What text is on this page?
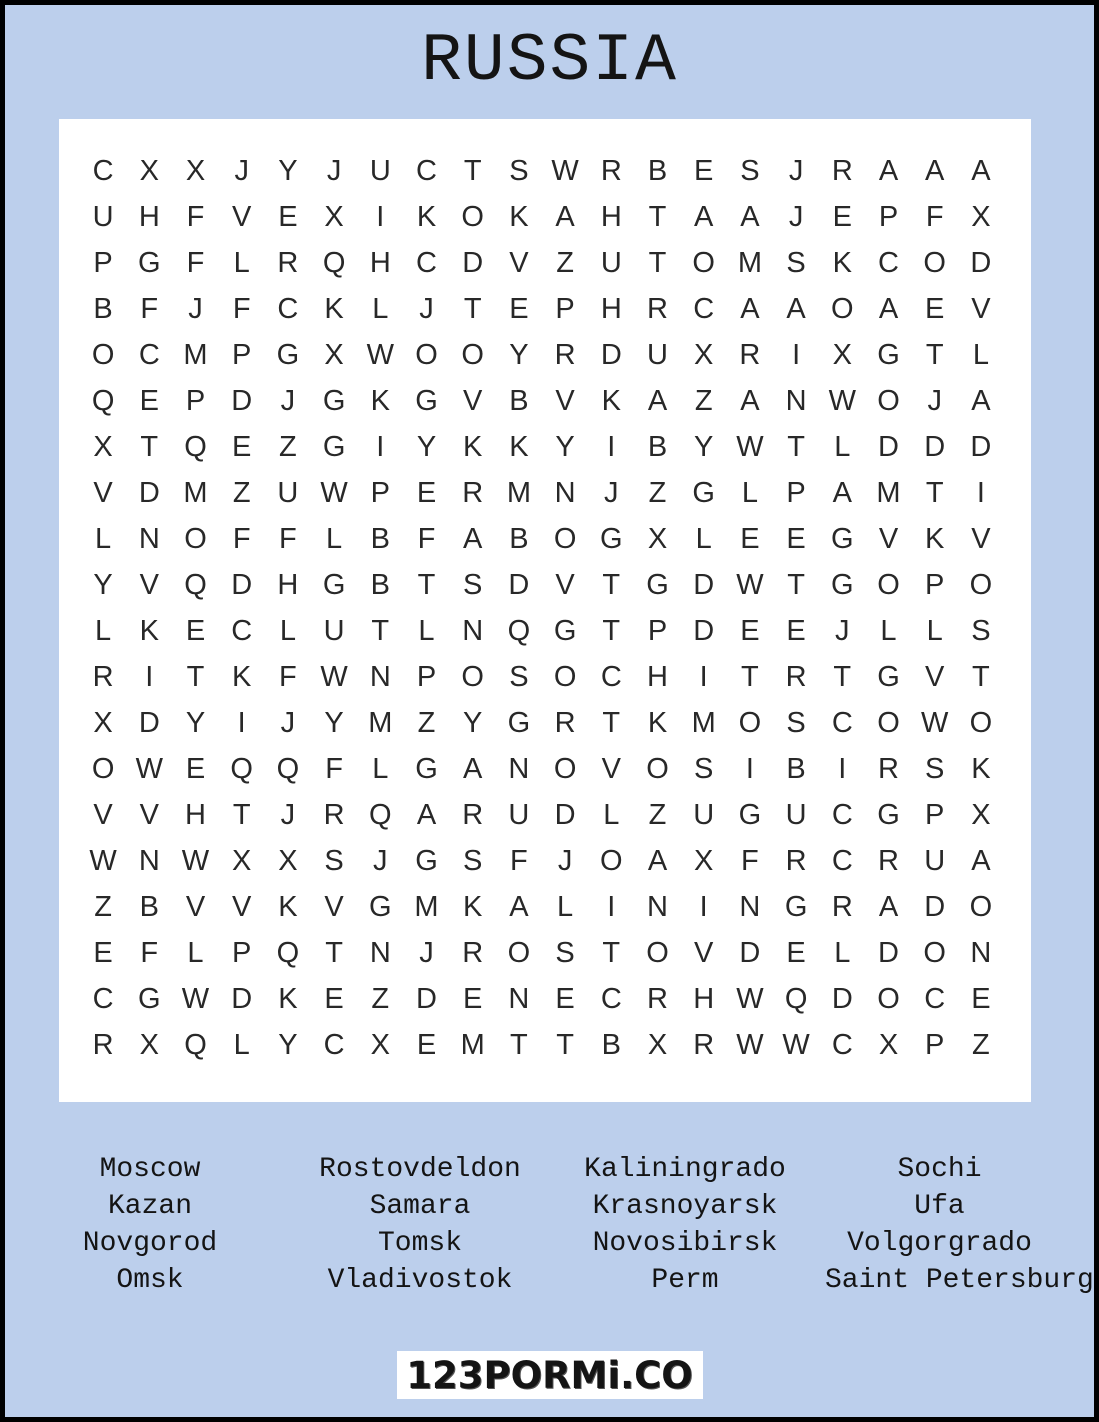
RUSSIA
C X X	J	Y	J U C T S W R B E S	J R A A A
U H F V E X	I	K O K A H T A A	J	E P F X
P G F	L R Q H C D V Z U T O M S K C O D
B F	J	F C K L	J	T E P H R C A A O A E V
O C M P G X W O O Y R D U X R	I	X G T	L
Q E P D J G K G V B V K A Z A N W O J	A
X T Q E Z G	I	Y K K Y	I	B Y W T	L D D D
V D M Z U W P E R M N J	Z G L P A M T	I
L N O F F	L B F A B O G X L E E G V K V
Y V Q D H G B T S D V T G D W T G O P O
L K E C L U T	L N Q G T P D E E	J	L	L S
R	I	T K F W N P O S O C H	I	T R T G V T
X D Y	I	J	Y M Z Y G R T K M O S C O W O
O W E Q Q F	L G A N O V O S	I	B	I	R S K
V V H T	J R Q A R U D L	Z U G U C G P X
W N W X X S	J G S F	J O A X F R C R U A
Z B V V K V G M K A L	I	N	I	N G R A D O
E F	L P Q T N J R O S T O V D E L D O N
C G W D K E Z D E N E C R H W Q D O C E
R X Q L Y C X E M T T B X R W W C X P Z
Moscow
Kazan
Novgorod
Omsk
Rostovdeldon
Samara
Tomsk
Vladivostok
Kaliningrado
Krasnoyarsk
Novosibirsk
Perm
Sochi
Ufa
Volgorgrado
Saint Petersburg
123PORMi.CO
